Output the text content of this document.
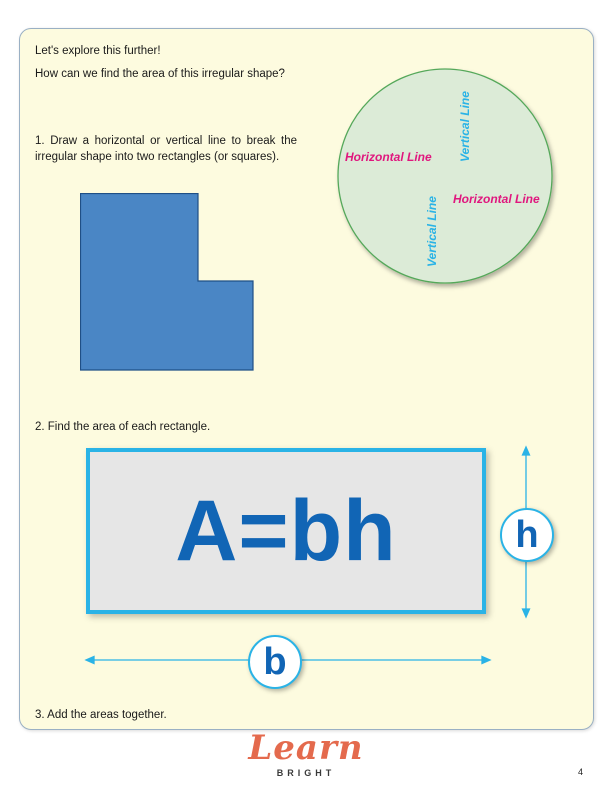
Let's explore this further!
How can we find the area of this irregular shape?
1. Draw a horizontal or vertical line to break the irregular shape into two rectangles (or squares).	Horizontal Line
Horizontal Line
Vertical Line
Vertical Line
2. Find the area of each rectangle.
A=bh	h
b
3. Add the areas together.
Learn
BRIGHT	4
